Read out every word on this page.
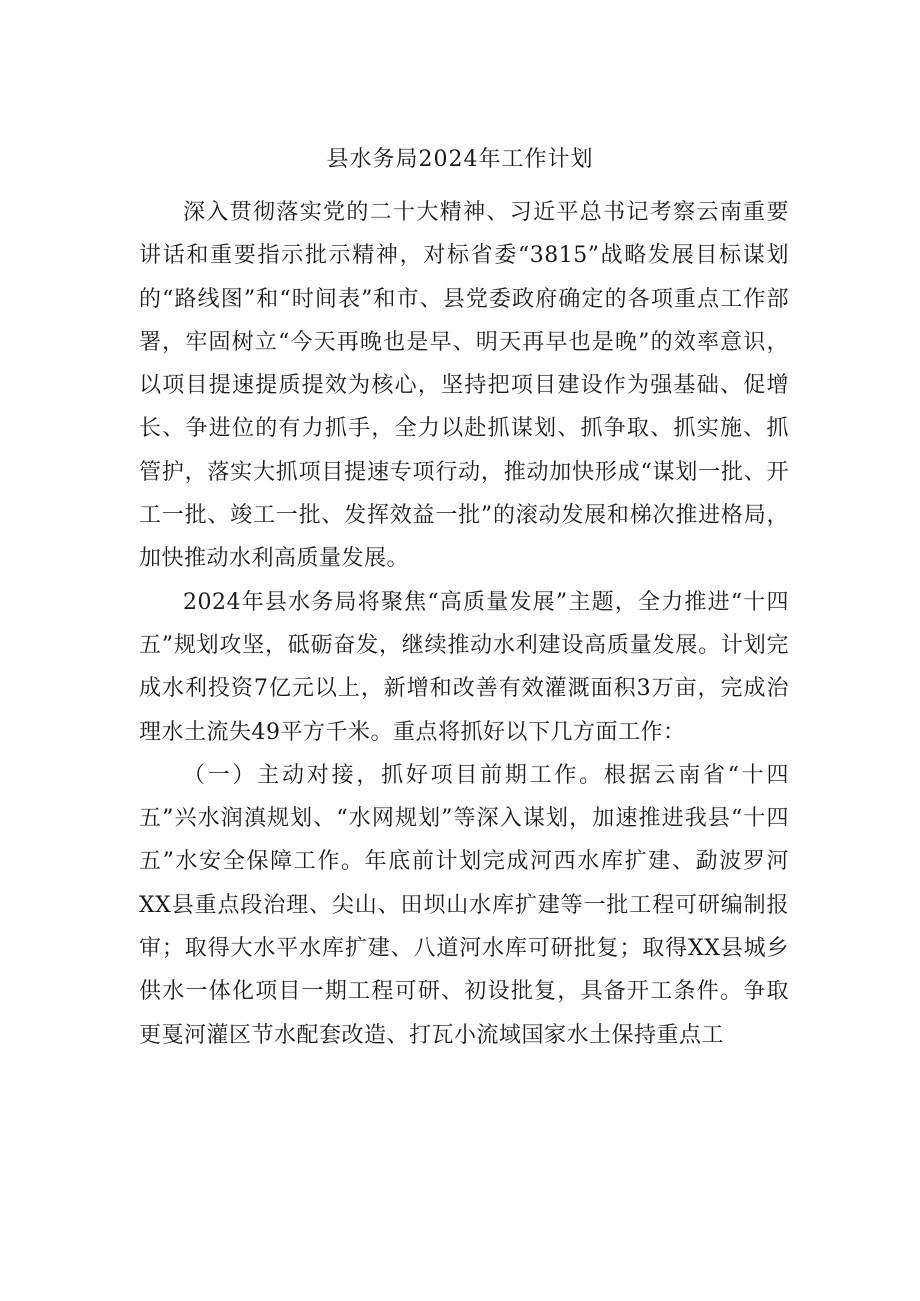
县水务局2024年工作计划

深入贯彻落实党的二十大精神、习近平总书记考察云南重要讲话和重要指示批示精神，对标省委“3815”战略发展目标谋划的“路线图”和“时间表”和市、县党委政府确定的各项重点工作部署，牢固树立“今天再晚也是早、明天再早也是晚”的效率意识，以项目提速提质提效为核心，坚持把项目建设作为强基础、促增长、争进位的有力抓手，全力以赴抓谋划、抓争取、抓实施、抓管护，落实大抓项目提速专项行动，推动加快形成“谋划一批、开工一批、竣工一批、发挥效益一批”的滚动发展和梯次推进格局，加快推动水利高质量发展。

2024年县水务局将聚焦“高质量发展”主题，全力推进“十四五”规划攻坚，砥砺奋发，继续推动水利建设高质量发展。计划完成水利投资7亿元以上，新增和改善有效灌溉面积3万亩，完成治理水土流失49平方千米。重点将抓好以下几方面工作：

（一）主动对接，抓好项目前期工作。根据云南省“十四五”兴水润滇规划、“水网规划”等深入谋划，加速推进我县“十四五”水安全保障工作。年底前计划完成河西水库扩建、勐波罗河XX县重点段治理、尖山、田坝山水库扩建等一批工程可研编制报审；取得大水平水库扩建、八道河水库可研批复；取得XX县城乡供水一体化项目一期工程可研、初设批复，具备开工条件。争取更戛河灌区节水配套改造、打瓦小流域国家水土保持重点工
